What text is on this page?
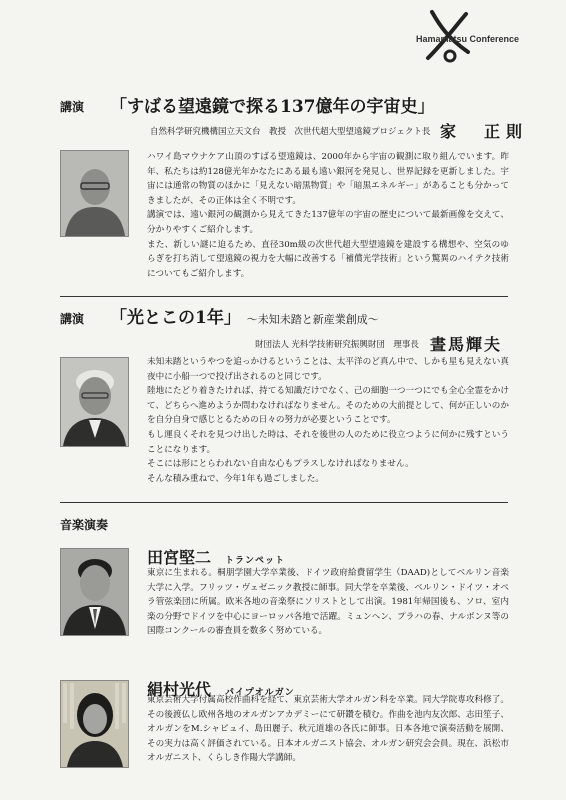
Hamamatsu Conference
講演 「すばる望遠鏡で探る137億年の宇宙史」
自然科学研究機構国立天文台　教授　次世代超大型望遠鏡プロジェクト長 家　正則

ハワイ島マウナケア山頂のすばる望遠鏡は、2000年から宇宙の観測に取り組んでいます。昨年、私たちは約128億光年かなたにある最も遠い銀河を発見し、世界記録を更新しました。宇宙には通常の物質のほかに「見えない暗黒物質」や「暗黒エネルギー」があることも分かってきましたが、その正体は全く不明です。

講演では、遠い銀河の観測から見えてきた137億年の宇宙の歴史について最新画像を交えて、分かりやすくご紹介します。

また、新しい謎に迫るため、直径30m級の次世代超大型望遠鏡を建設する構想や、空気のゆらぎを打ち消して望遠鏡の視力を大幅に改善する「補償光学技術」という驚異のハイテク技術についてもご紹介します。

講演 「光とこの1年」 ～未知未踏と新産業創成～
財団法人 光科学技術研究振興財団　理事長 晝馬輝夫

未知未踏というやつを追っかけるということは、太平洋のど真ん中で、しかも星も見えない真夜中に小船一つで投げ出されるのと同じです。

陸地にたどり着きたければ、持てる知識だけでなく、己の細胞一つ一つにでも全心全霊をかけて、どちらへ進めようか問わなければなりません。そのための大前提として、何が正しいのかを自分自身で感じとるための日々の努力が必要ということです。

もし運良くそれを見つけ出した時は、それを後世の人のために役立つように何かに残すということになります。

そこには形にとらわれない自由な心もプラスしなければなりません。

そんな積み重ねで、今年1年も過ごしました。

音楽演奏
田宮堅二 トランペット

東京に生まれる。桐朋学園大学卒業後、ドイツ政府給費留学生（DAAD)としてベルリン音楽大学に入学。フリッツ・ヴェゼニック教授に師事。同大学を卒業後、ベルリン・ドイツ・オペラ管弦楽団に所属。欧米各地の音楽祭にソリストとして出演。1981年帰国後も、ソロ、室内楽の分野でドイツを中心にヨーロッパ各地で活躍。ミュンヘン、プラハの春、ナルボンヌ等の国際コンクールの審査員を数多く努めている。

絹村光代 パイプオルガン

東京芸術大学付属高校作曲科を経て、東京芸術大学オルガン科を卒業。同大学院専攻科修了。その後渡仏し欧州各地のオルガンアカデミーにて研鑽を積む。作曲を池内友次郎、志田笙子、オルガンをM.シャピュイ、島田麗子、秋元道雄の各氏に師事。日本各地で演奏活動を展開、その実力は高く評価されている。日本オルガニスト協会、オルガン研究会会員。現在、浜松市オルガニスト、くらしき作陽大学講師。
